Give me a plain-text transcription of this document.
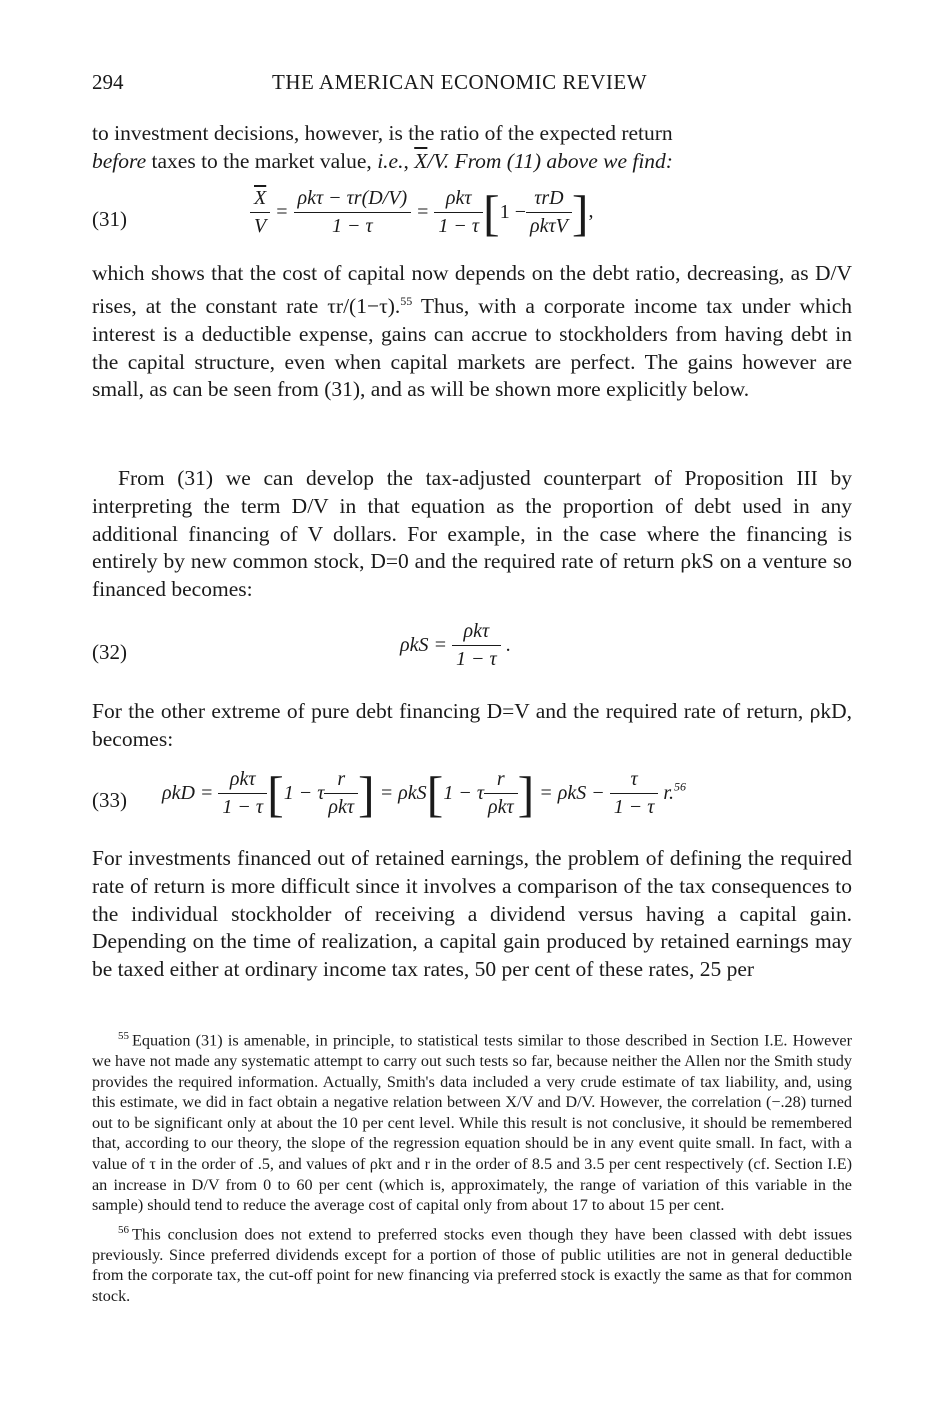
294	THE AMERICAN ECONOMIC REVIEW

to investment decisions, however, is the ratio of the expected return
before taxes to the market value, i.e., $\overline{X}/V$. From (11) above we find:

(31)	$\frac{\overline{X}}{V} = \frac{\text{ρkτ − τr(D/V)}}{1 - \tau} = \frac{\text{ρkτ}}{1 - \tau} [1 - \frac{\text{τrD}}{\text{ρkτV}}$ ],

which shows that the cost of capital now depends on the debt ratio, decreasing, as D/V rises, at the constant rate τr/(1−τ).$^{55}$ Thus, with a corporate income tax under which interest is a deductible expense, gains can accrue to stockholders from having debt in the capital structure, even when capital markets are perfect. The gains however are small, as can be seen from (31), and as will be shown more explicitly below.

From (31) we can develop the tax-adjusted counterpart of Proposition III by interpreting the term D/V in that equation as the proportion of debt used in any additional financing of V dollars. For example, in the case where the financing is entirely by new common stock, D=0 and the required rate of return ρkS on a venture so financed becomes:

(32)	$\rho kS = \frac{\text{ρkτ}}{1 - \tau}$ .

For the other extreme of pure debt financing D=V and the required rate of return, ρkD, becomes:

(33) $\rho kD = \frac{\text{ρkτ}}{1 - \tau} [1 - \tau \frac{r}{\text{ρkτ}}$ ] = ρkS[1 − τ $\frac{r}{\text{ρkτ}}$ ] = $\rho kS - \frac{\tau}{1 - \tau} r.^{56}$

For investments financed out of retained earnings, the problem of defining the required rate of return is more difficult since it involves a comparison of the tax consequences to the individual stockholder of receiving a dividend versus having a capital gain. Depending on the time of realization, a capital gain produced by retained earnings may be taxed either at ordinary income tax rates, 50 per cent of these rates, 25 per

$^{55}$ Equation (31) is amenable, in principle, to statistical tests similar to those described in Section I.E. However we have not made any systematic attempt to carry out such tests so far, because neither the Allen nor the Smith study provides the required information. Actually, Smith's data included a very crude estimate of tax liability, and, using this estimate, we did in fact obtain a negative relation between X/V and D/V. However, the correlation (−.28) turned out to be significant only at about the 10 per cent level. While this result is not conclusive, it should be remembered that, according to our theory, the slope of the regression equation should be in any event quite small. In fact, with a value of τ in the order of .5, and values of ρkτ and r in the order of 8.5 and 3.5 per cent respectively (cf. Section I.E) an increase in D/V from 0 to 60 per cent (which is, approximately, the range of variation of this variable in the sample) should tend to reduce the average cost of capital only from about 17 to about 15 per cent.

$^{56}$ This conclusion does not extend to preferred stocks even though they have been classed with debt issues previously. Since preferred dividends except for a portion of those of public utilities are not in general deductible from the corporate tax, the cut-off point for new financing via preferred stock is exactly the same as that for common stock.
